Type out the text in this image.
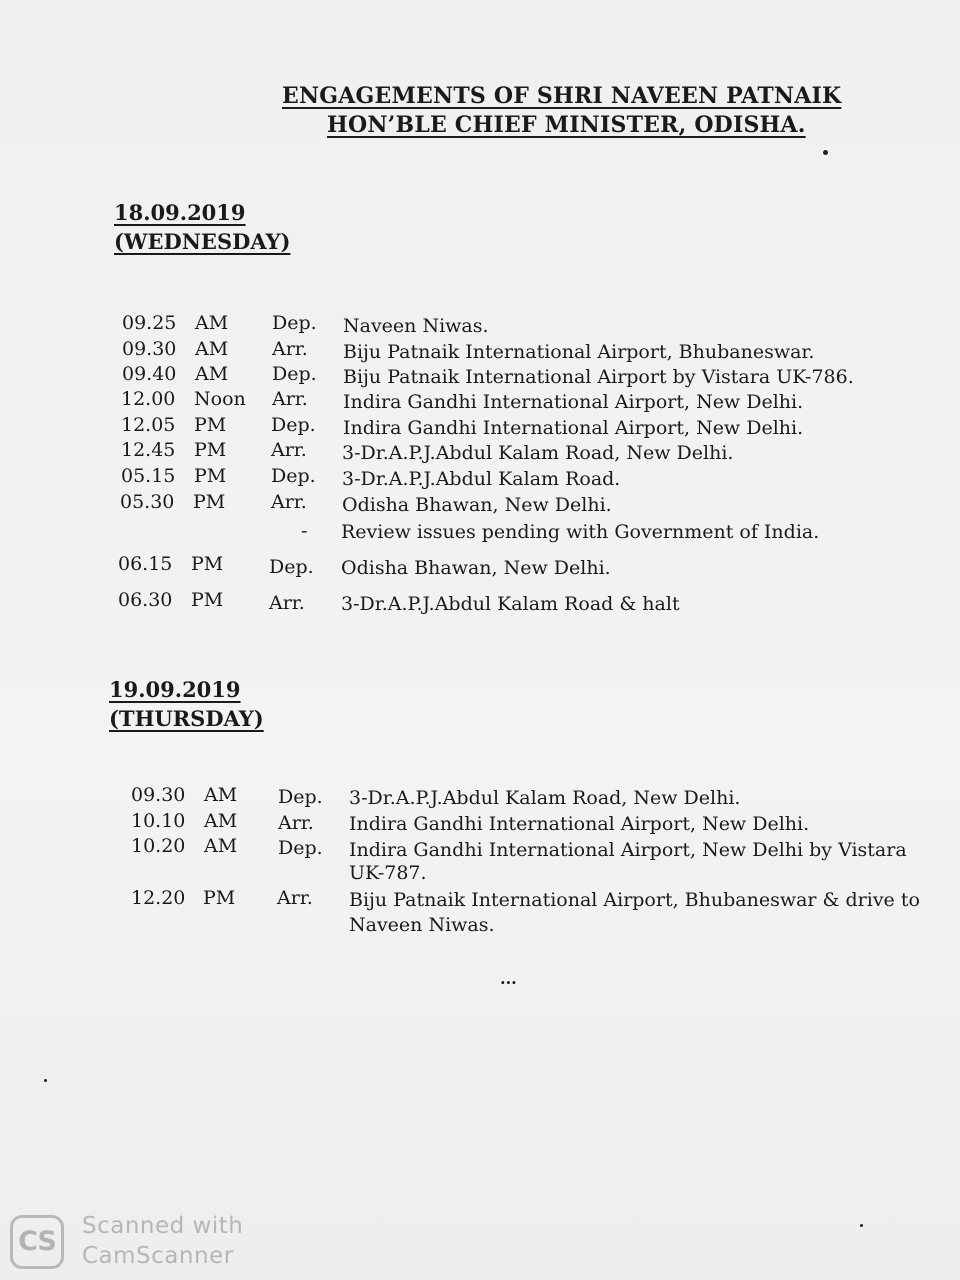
ENGAGEMENTS OF SHRI NAVEEN PATNAIK
HON’BLE CHIEF MINISTER, ODISHA.
18.09.2019
(WEDNESDAY)
09.25 AM Dep. Naveen Niwas.
09.30 AM Arr. Biju Patnaik International Airport, Bhubaneswar.
09.40 AM Dep. Biju Patnaik International Airport by Vistara UK-786.
12.00 Noon Arr. Indira Gandhi International Airport, New Delhi.
12.05 PM Dep. Indira Gandhi International Airport, New Delhi.
12.45 PM Arr. 3-Dr.A.P.J.Abdul Kalam Road, New Delhi.
05.15 PM Dep. 3-Dr.A.P.J.Abdul Kalam Road.
05.30 PM Arr. Odisha Bhawan, New Delhi.
- Review issues pending with Government of India.
06.15 PM Dep. Odisha Bhawan, New Delhi.
06.30 PM Arr. 3-Dr.A.P.J.Abdul Kalam Road & halt
19.09.2019
(THURSDAY)
09.30 AM Dep. 3-Dr.A.P.J.Abdul Kalam Road, New Delhi.
10.10 AM Arr. Indira Gandhi International Airport, New Delhi.
10.20 AM Dep. Indira Gandhi International Airport, New Delhi by Vistara
UK-787.
12.20 PM Arr. Biju Patnaik International Airport, Bhubaneswar & drive to
Naveen Niwas.
...
CS	Scanned with
CamScanner
